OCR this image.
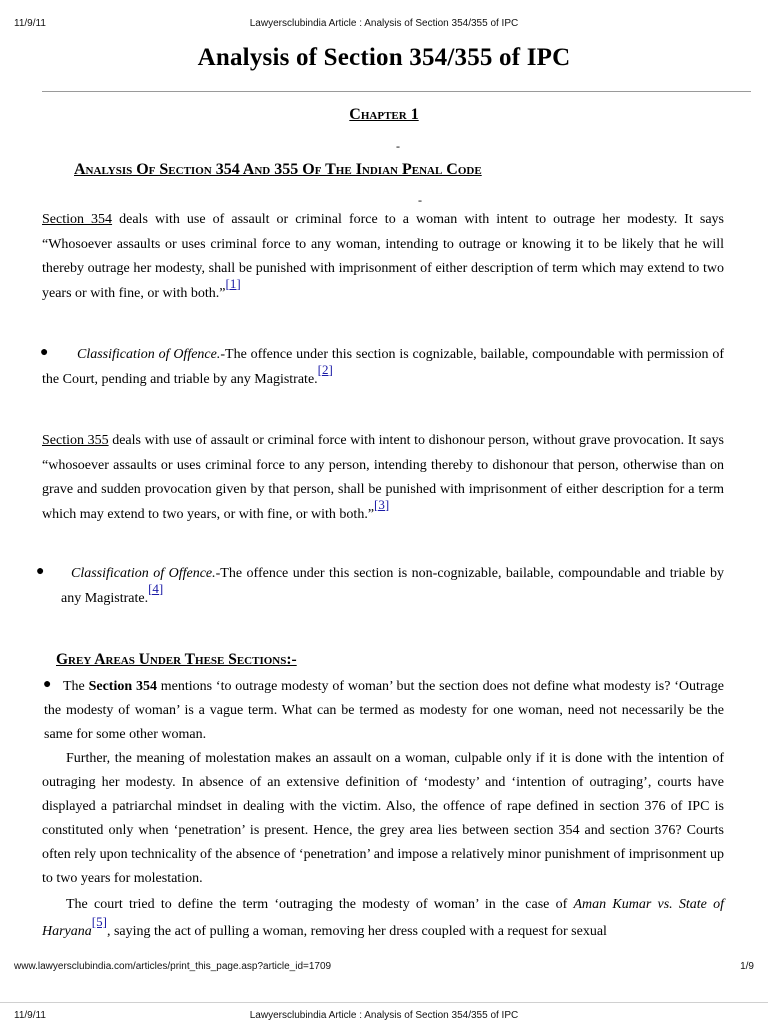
11/9/11	Lawyersclubindia Article : Analysis of Section 354/355 of IPC
Analysis of Section 354/355 of IPC
Chapter 1
-
Analysis Of Section 354 And 355 Of The Indian Penal Code
-

Section 354 deals with use of assault or criminal force to a woman with intent to outrage her modesty. It says “Whosoever assaults or uses criminal force to any woman, intending to outrage or knowing it to be likely that he will thereby outrage her modesty, shall be punished with imprisonment of either description of term which may extend to two years or with fine, or with both.”[1]

●	Classification of Offence.-The offence under this section is cognizable, bailable, compoundable with permission of the Court, pending and triable by any Magistrate.[2]

Section 355 deals with use of assault or criminal force with intent to dishonour person, without grave provocation. It says “whosoever assaults or uses criminal force to any person, intending thereby to dishonour that person, otherwise than on grave and sudden provocation given by that person, shall be punished with imprisonment of either description for a term which may extend to two years, or with fine, or with both.”[3]

●	Classification of Offence.-The offence under this section is non-cognizable, bailable, compoundable and triable by any Magistrate.[4]

Grey Areas Under These Sections:-
● The Section 354 mentions ‘to outrage modesty of woman’ but the section does not define what modesty is? ‘Outrage the modesty of woman’ is a vague term. What can be termed as modesty for one woman, need not necessarily be the same for some other woman.

Further, the meaning of molestation makes an assault on a woman, culpable only if it is done with the intention of outraging her modesty. In absence of an extensive definition of ‘modesty’ and ‘intention of outraging’, courts have displayed a patriarchal mindset in dealing with the victim. Also, the offence of rape defined in section 376 of IPC is constituted only when ‘penetration’ is present. Hence, the grey area lies between section 354 and section 376? Courts often rely upon technicality of the absence of ‘penetration’ and impose a relatively minor punishment of imprisonment up to two years for molestation.

The court tried to define the term ‘outraging the modesty of woman’ in the case of Aman Kumar vs. State of Haryana[5], saying the act of pulling a woman, removing her dress coupled with a request for sexual

www.lawyersclubindia.com/articles/print_this_page.asp?article_id=1709	1/9
11/9/11	Lawyersclubindia Article : Analysis of Section 354/355 of IPC
